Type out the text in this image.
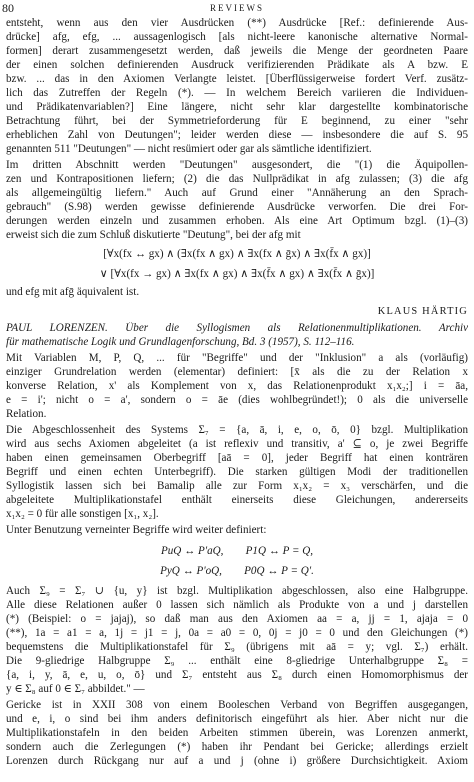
80	REVIEWS
entsteht, wenn aus den vier Ausdrücken (**) Ausdrücke [Ref.: definierende Aus-
drücke] afg, efg, ... aussagenlogisch [als nicht-leere kanonische alternative Normal-
formen] derart zusammengesetzt werden, daß jeweils die Menge der geordneten Paare
der einen solchen definierenden Ausdruck verifizierenden Prädikate als A bzw. E
bzw. ... das in den Axiomen Verlangte leistet. [Überflüssigerweise fordert Verf. zusätz-
lich das Zutreffen der Regeln (*). — In welchem Bereich variieren die Individuen-
und Prädikatenvariablen?] Eine längere, nicht sehr klar dargestellte kombinatorische
Betrachtung führt, bei der Symmetrieforderung für E beginnend, zu einer "sehr
erheblichen Zahl von Deutungen"; leider werden diese — insbesondere die auf S. 95
genannten 511 "Deutungen" — nicht resümiert oder gar als sämtliche identifiziert.
Im dritten Abschnitt werden "Deutungen" ausgesondert, die "(1) die Äquipollen-
zen und Kontrapositionen liefern; (2) die das Nullprädikat in afg zulassen; (3) die afg
als allgemeingültig liefern." Auch auf Grund einer "Annäherung an den Sprach-
gebrauch" (S.98) werden gewisse definierende Ausdrücke verworfen. Die drei For-
derungen werden einzeln und zusammen erhoben. Als eine Art Optimum bzgl. (1)–(3)
erweist sich die zum Schluß diskutierte "Deutung", bei der afg mit
[∀x(fx ↔ gx) ∧ (∃x(fx ∧ gx) ∧ ∃x(fx ∧ ḡx) ∧ ∃x(f̄x ∧ gx)]
∨ [∀x(fx → gx) ∧ ∃x(fx ∧ gx) ∧ ∃x(f̄x ∧ gx) ∧ ∃x(f̄x ∧ ḡx)]
und efg mit afḡ äquivalent ist.
KLAUS HÄRTIG
PAUL LORENZEN. Über die Syllogismen als Relationenmultiplikationen. Archiv
für mathematische Logik und Grundlagenforschung, Bd. 3 (1957), S. 112–116.
Mit Variablen M, P, Q, ... für "Begriffe" und der "Inklusion" a als (vorläufig)
einziger Grundrelation werden (elementar) definiert: [x̄ als die zu der Relation x
konverse Relation, x' als Komplement von x, das Relationenprodukt x₁x₂;] i = āa,
e = i'; nicht o = a', sondern o = āe (dies wohlbegründet!); 0 als die universelle
Relation.
Die Abgeschlossenheit des Systems Σ₇ = {a, ā, i, e, o, ō, 0} bzgl. Multiplikation
wird aus sechs Axiomen abgeleitet (a ist reflexiv und transitiv, a' ⊆ o, je zwei Begriffe
haben einen gemeinsamen Oberbegriff [aā = 0], jeder Begriff hat einen konträren
Begriff und einen echten Unterbegriff). Die starken gültigen Modi der traditionellen
Syllogistik lassen sich bei Bamalip alle zur Form x₁x₂ = x₃ verschärfen, und die
abgeleitete Multiplikationstafel enthält einerseits diese Gleichungen, andererseits
x₁x₂ = 0 für alle sonstigen [x₁, x₂].
Unter Benutzung verneinter Begriffe wird weiter definiert:
PuQ ↔ P'aQ,        P1Q ↔ P = Q,
PyQ ↔ P'oQ,        P0Q ↔ P = Q'.
Auch Σ₉ = Σ₇ ∪ {u, y} ist bzgl. Multiplikation abgeschlossen, also eine Halbgruppe.
Alle diese Relationen außer 0 lassen sich nämlich als Produkte von a und j darstellen
(*) (Beispiel: o = jajaj), so daß man aus den Axiomen aa = a, jj = 1, ajaja = 0
(**), 1a = a1 = a, 1j = j1 = j, 0a = a0 = 0, 0j = j0 = 0 und den Gleichungen (*)
bequemstens die Multiplikationstafel für Σ₉ (übrigens mit aā = y; vgl. Σ₇) erhält.
Die 9-gliedrige Halbgruppe Σ₉ ... enthält eine 8-gliedrige Unterhalbgruppe Σ₈ =
{a, i, y, ā, e, u, o, ō} und Σ₇ entsteht aus Σ₈ durch einen Homomorphismus der
y ∈ Σ₈ auf 0 ∈ Σ₇ abbildet." —
Gericke ist in XXII 308 von einem Booleschen Verband von Begriffen ausgegangen,
und e, i, o sind bei ihm anders definitorisch eingeführt als hier. Aber nicht nur die
Multiplikationstafeln in den beiden Arbeiten stimmen überein, was Lorenzen anmerkt,
sondern auch die Zerlegungen (*) haben ihr Pendant bei Gericke; allerdings erzielt
Lorenzen durch Rückgang nur auf a und j (ohne i) größere Durchsichtigkeit. Axiom
